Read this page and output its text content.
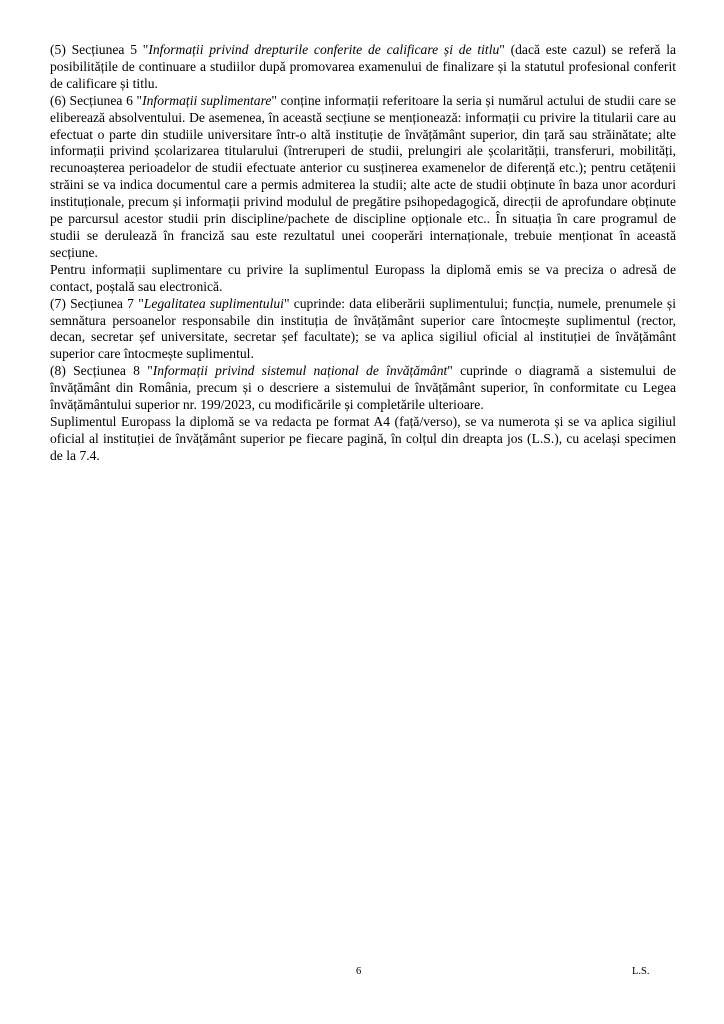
(5) Secțiunea 5 "Informații privind drepturile conferite de calificare și de titlu" (dacă este cazul) se referă la posibilitățile de continuare a studiilor după promovarea examenului de finalizare și la statutul profesional conferit de calificare și titlu.

(6) Secțiunea 6 "Informații suplimentare" conține informații referitoare la seria și numărul actului de studii care se eliberează absolventului. De asemenea, în această secțiune se menționează: informații cu privire la titularii care au efectuat o parte din studiile universitare într-o altă instituție de învățământ superior, din țară sau străinătate; alte informații privind școlarizarea titularului (întreruperi de studii, prelungiri ale școlarității, transferuri, mobilități, recunoașterea perioadelor de studii efectuate anterior cu susținerea examenelor de diferență etc.); pentru cetățenii străini se va indica documentul care a permis admiterea la studii; alte acte de studii obținute în baza unor acorduri instituționale, precum și informații privind modulul de pregătire psihopedagogică, direcții de aprofundare obținute pe parcursul acestor studii prin discipline/pachete de discipline opționale etc.. În situația în care programul de studii se derulează în franciză sau este rezultatul unei cooperări internaționale, trebuie menționat în această secțiune.

Pentru informații suplimentare cu privire la suplimentul Europass la diplomă emis se va preciza o adresă de contact, poștală sau electronică.

(7) Secțiunea 7 "Legalitatea suplimentului" cuprinde: data eliberării suplimentului; funcția, numele, prenumele și semnătura persoanelor responsabile din instituția de învățământ superior care întocmește suplimentul (rector, decan, secretar șef universitate, secretar șef facultate); se va aplica sigiliul oficial al instituției de învățământ superior care întocmește suplimentul.

(8) Secțiunea 8 "Informații privind sistemul național de învățământ" cuprinde o diagramă a sistemului de învățământ din România, precum și o descriere a sistemului de învățământ superior, în conformitate cu Legea învățământului superior nr. 199/2023, cu modificările și completările ulterioare.

Suplimentul Europass la diplomă se va redacta pe format A4 (față/verso), se va numerota și se va aplica sigiliul oficial al instituției de învățământ superior pe fiecare pagină, în colțul din dreapta jos (L.S.), cu același specimen de la 7.4.

6	L.S.
